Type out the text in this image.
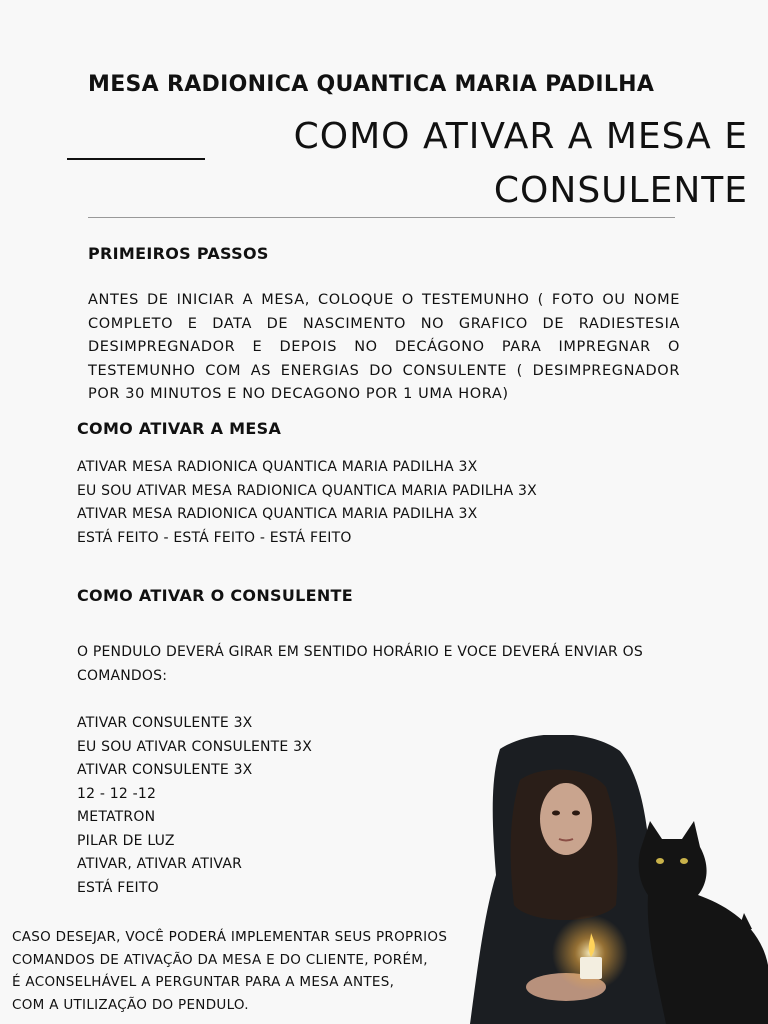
MESA RADIONICA QUANTICA MARIA PADILHA
COMO ATIVAR A MESA E
CONSULENTE
PRIMEIROS PASSOS
ANTES DE INICIAR A MESA, COLOQUE O TESTEMUNHO ( FOTO OU NOME COMPLETO E DATA DE NASCIMENTO NO GRAFICO DE RADIESTESIA DESIMPREGNADOR E DEPOIS NO DECÁGONO PARA IMPREGNAR O TESTEMUNHO COM AS ENERGIAS DO CONSULENTE ( DESIMPREGNADOR POR 30 MINUTOS E NO DECAGONO POR 1 UMA HORA)
COMO ATIVAR A MESA
ATIVAR MESA RADIONICA QUANTICA MARIA PADILHA 3X
EU SOU ATIVAR MESA RADIONICA QUANTICA MARIA PADILHA 3X
ATIVAR MESA RADIONICA QUANTICA MARIA PADILHA 3X
ESTÁ FEITO - ESTÁ FEITO - ESTÁ FEITO
COMO ATIVAR O CONSULENTE
O PENDULO DEVERÁ GIRAR EM SENTIDO HORÁRIO E VOCE DEVERÁ ENVIAR OS COMANDOS:
ATIVAR CONSULENTE 3X
EU SOU ATIVAR CONSULENTE 3X
ATIVAR CONSULENTE 3X
12 - 12 -12
METATRON
PILAR DE LUZ
ATIVAR, ATIVAR ATIVAR
ESTÁ FEITO
CASO DESEJAR, VOCÊ PODERÁ IMPLEMENTAR SEUS PROPRIOS
COMANDOS DE ATIVAÇÃO DA MESA E DO CLIENTE, PORÉM,
É ACONSELHÁVEL A PERGUNTAR PARA A MESA ANTES,
COM A UTILIZAÇÃO DO PENDULO.
